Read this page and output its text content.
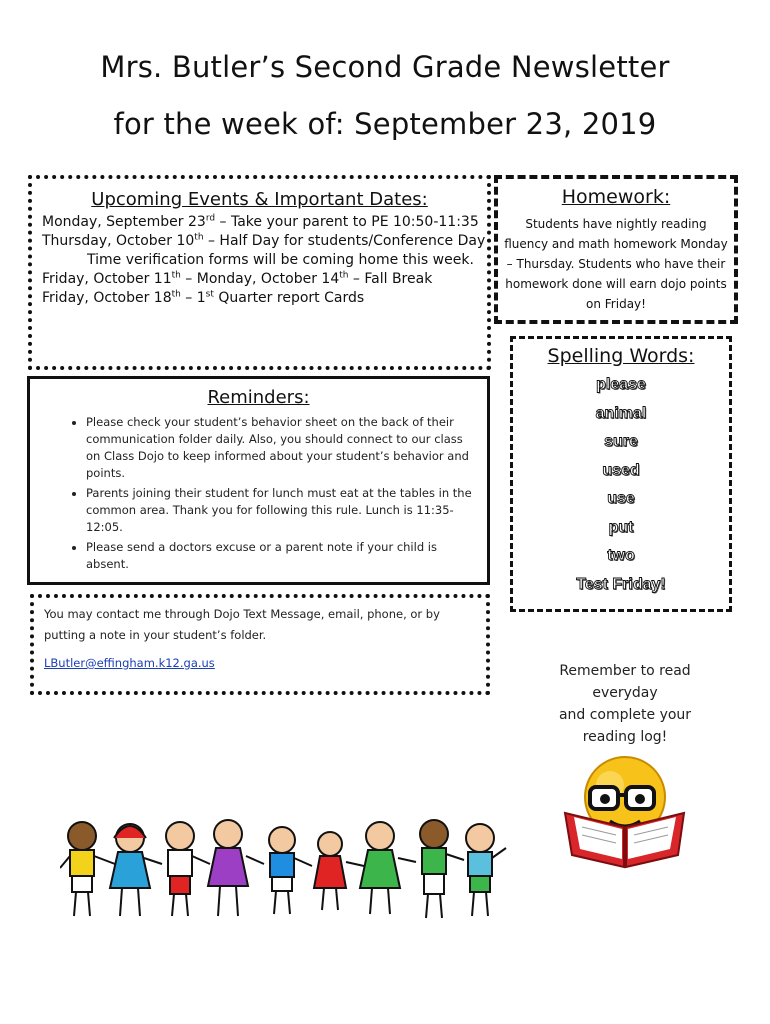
Mrs. Butler’s Second Grade Newsletter
for the week of: September 23, 2019
Upcoming Events & Important Dates:
Monday, September 23rd – Take your parent to PE 10:50-11:35
Thursday, October 10th – Half Day for students/Conference Day
Time verification forms will be coming home this week.
Friday, October 11th – Monday, October 14th – Fall Break
Friday, October 18th – 1st Quarter report Cards
Homework:

Students have nightly reading fluency and math homework Monday – Thursday. Students who have their homework done will earn dojo points on Friday!

Reminders:
• Please check your student’s behavior sheet on the back of their communication folder daily. Also, you should connect to our class on Class Dojo to keep informed about your student’s behavior and points.
• Parents joining their student for lunch must eat at the tables in the common area. Thank you for following this rule. Lunch is 11:35-12:05.
• Please send a doctors excuse or a parent note if your child is absent.
Spelling Words:
please
animal
sure
used
use
put
two
Test Friday!

You may contact me through Dojo Text Message, email, phone, or by putting a note in your student’s folder.

LButler@effingham.k12.ga.us	Remember to read
everyday
and complete your
reading log!
